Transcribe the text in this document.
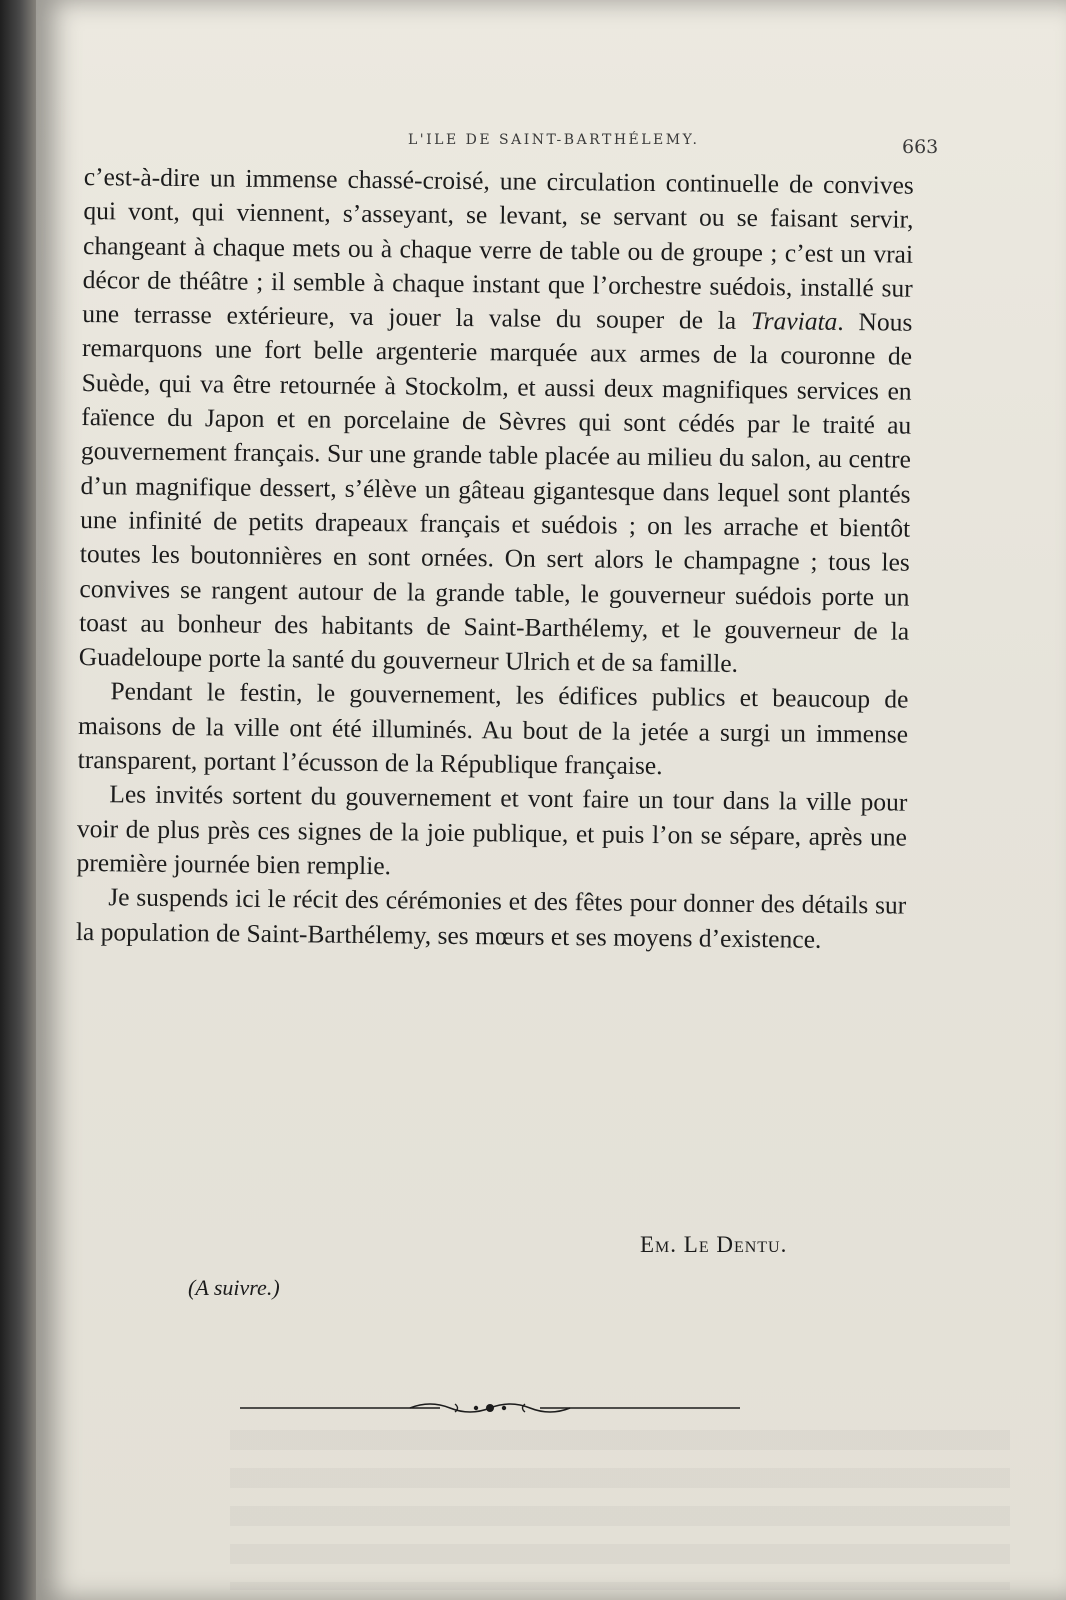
L'ILE DE SAINT-BARTHÉLEMY.	663

c’est-à-dire un immense chassé-croisé, une circulation continuelle de convives qui vont, qui viennent, s’asseyant, se levant, se servant ou se faisant servir, changeant à chaque mets ou à chaque verre de table ou de groupe ; c’est un vrai décor de théâtre ; il semble à chaque instant que l’orchestre suédois, installé sur une terrasse extérieure, va jouer la valse du souper de la Traviata. Nous remarquons une fort belle argenterie marquée aux armes de la couronne de Suède, qui va être retournée à Stockolm, et aussi deux magnifiques services en faïence du Japon et en porcelaine de Sèvres qui sont cédés par le traité au gouvernement français. Sur une grande table placée au milieu du salon, au centre d’un magnifique dessert, s’élève un gâteau gigantesque dans lequel sont plantés une infinité de petits drapeaux français et suédois ; on les arrache et bientôt toutes les boutonnières en sont ornées. On sert alors le champagne ; tous les convives se rangent autour de la grande table, le gouverneur suédois porte un toast au bonheur des habitants de Saint-Barthélemy, et le gouverneur de la Guadeloupe porte la santé du gouverneur Ulrich et de sa famille.

Pendant le festin, le gouvernement, les édifices publics et beaucoup de maisons de la ville ont été illuminés. Au bout de la jetée a surgi un immense transparent, portant l’écusson de la République française.

Les invités sortent du gouvernement et vont faire un tour dans la ville pour voir de plus près ces signes de la joie publique, et puis l’on se sépare, après une première journée bien remplie.

Je suspends ici le récit des cérémonies et des fêtes pour donner des détails sur la population de Saint-Barthélemy, ses mœurs et ses moyens d’existence.

Em. Le Dentu.
(A suivre.)
